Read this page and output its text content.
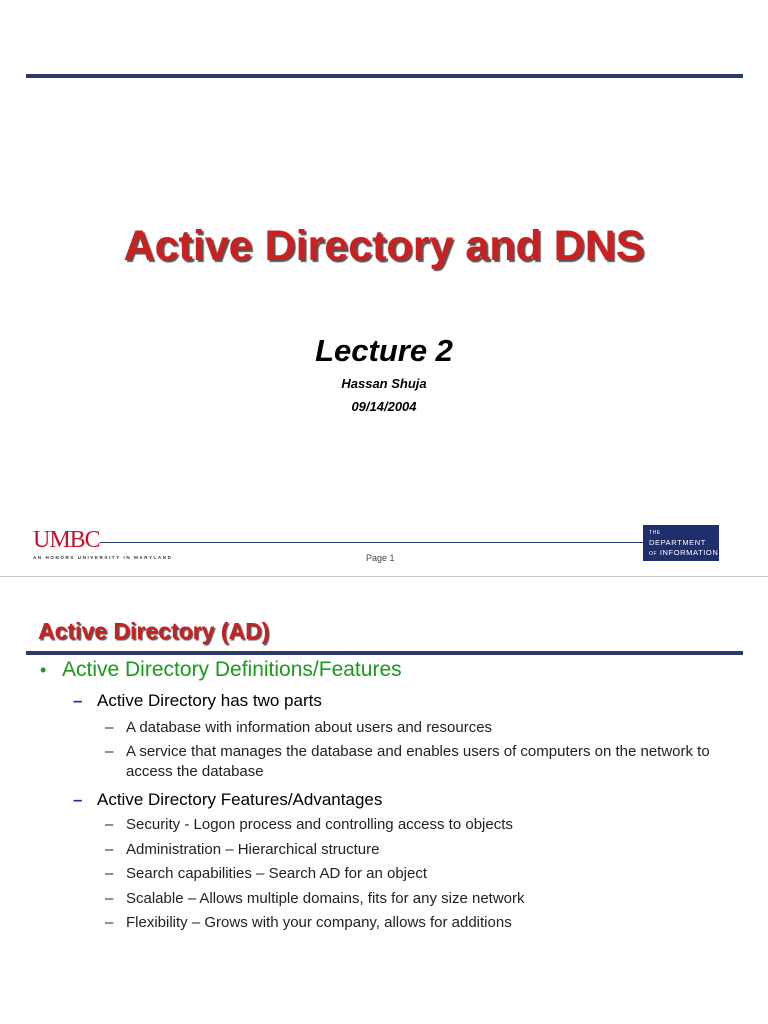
Active Directory and DNS
Lecture 2
Hassan Shuja
09/14/2004
UMBC
AN HONORS UNIVERSITY IN MARYLAND	Page 1
THE DEPARTMENT
OF INFORMATION
SYSTEMS
Active Directory (AD)
• Active Directory Definitions/Features
– Active Directory has two parts
– A database with information about users and resources
– A service that manages the database and enables users of computers on the network to access the database
– Active Directory Features/Advantages
– Security - Logon process and controlling access to objects
– Administration – Hierarchical structure
– Search capabilities – Search AD for an object
– Scalable – Allows multiple domains, fits for any size network
– Flexibility – Grows with your company, allows for additions
